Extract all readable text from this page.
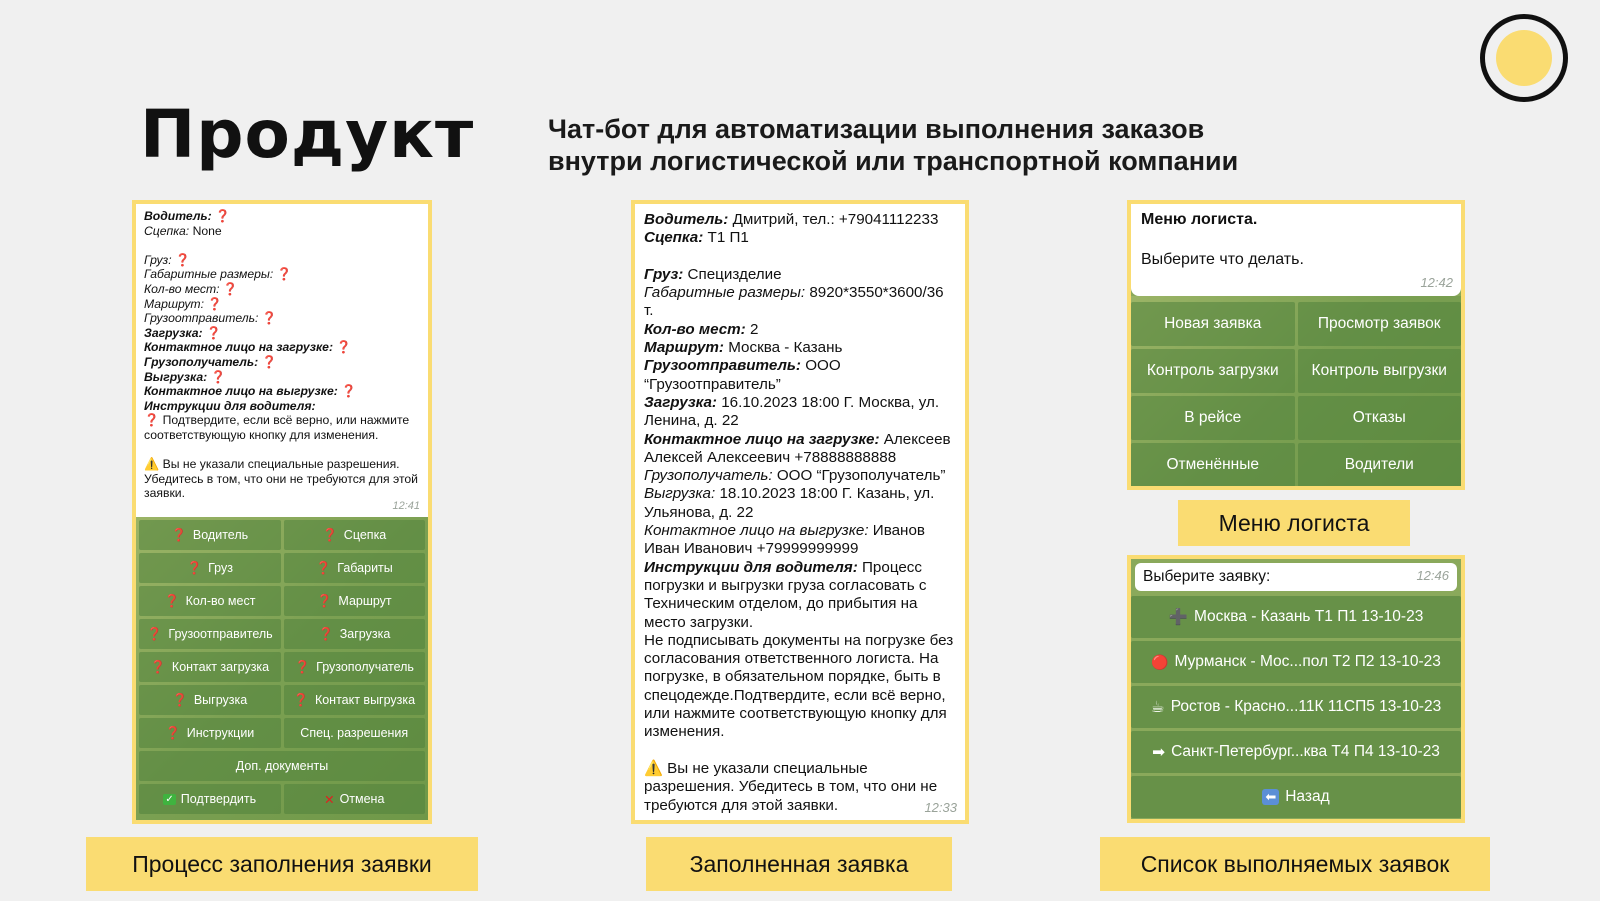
Продукт	Чат-бот для автоматизации выполнения заказов
внутри логистической или транспортной компании
Водитель: ❓
Сцепка: None

Груз: ❓
Габаритные размеры: ❓
Кол-во мест: ❓
Маршрут: ❓
Грузоотправитель: ❓
Загрузка: ❓
Контактное лицо на загрузке: ❓
Грузополучатель: ❓
Выгрузка: ❓
Контактное лицо на выгрузке: ❓
Инструкции для водителя:
❓ Подтвердите, если всё верно, или нажмите соответствующую кнопку для изменения.

⚠️ Вы не указали специальные разрешения. Убедитесь в том, что они не требуются для этой заявки.
12:41
❓ Водитель	❓ Сцепка
❓ Груз	❓ Габариты
❓ Кол-во мест	❓ Маршрут
❓ Грузоотправитель	❓ Загрузка
❓ Контакт загрузка ❓ Грузополучатель
❓ Выгрузка	❓ Контакт выгрузка
❓ Инструкции	Спец. разрешения
Доп. документы
✓ Подтвердить	✕ Отмена
Процесс заполнения заявки
Водитель: Дмитрий, тел.: +79041112233
Сцепка: Т1 П1

Груз: Специзделие
Габаритные размеры: 8920*3550*3600/36 т.
Кол-во мест: 2
Маршрут: Москва - Казань
Грузоотправитель: ООО “Грузоотправитель”
Загрузка: 16.10.2023 18:00 Г. Москва, ул. Ленина, д. 22
Контактное лицо на загрузке: Алексеев Алексей Алексеевич +78888888888
Грузополучатель: ООО “Грузополучатель”
Выгрузка: 18.10.2023 18:00 Г. Казань, ул. Ульянова, д. 22
Контактное лицо на выгрузке: Иванов Иван Иванович +79999999999
Инструкции для водителя: Процесс погрузки и выгрузки груза согласовать с Техническим отделом, до прибытия на место загрузки.
Не подписывать документы на погрузке без согласования ответственного логиста. На погрузке, в обязательном порядке, быть в спецодежде.Подтвердите, если всё верно, или нажмите соответствующую кнопку для изменения.

⚠️ Вы не указали специальные разрешения. Убедитесь в том, что они не требуются для этой заявки.	12:33
Заполненная заявка
Меню логиста.

Выберите что делать.
12:42
Новая заявка	Просмотр заявок
Контроль загрузки	Контроль выгрузки
В рейсе	Отказы
Отменённые	Водители
Меню логиста
Выберите заявку:	12:46
➕ Москва - Казань Т1 П1 13-10-23
🔴 Мурманск - Мос...пол Т2 П2 13-10-23
☕ Ростов - Красно...11К 11СП5 13-10-23
➡ Санкт-Петербург...ква Т4 П4 13-10-23
⬅ Назад
Список выполняемых заявок
